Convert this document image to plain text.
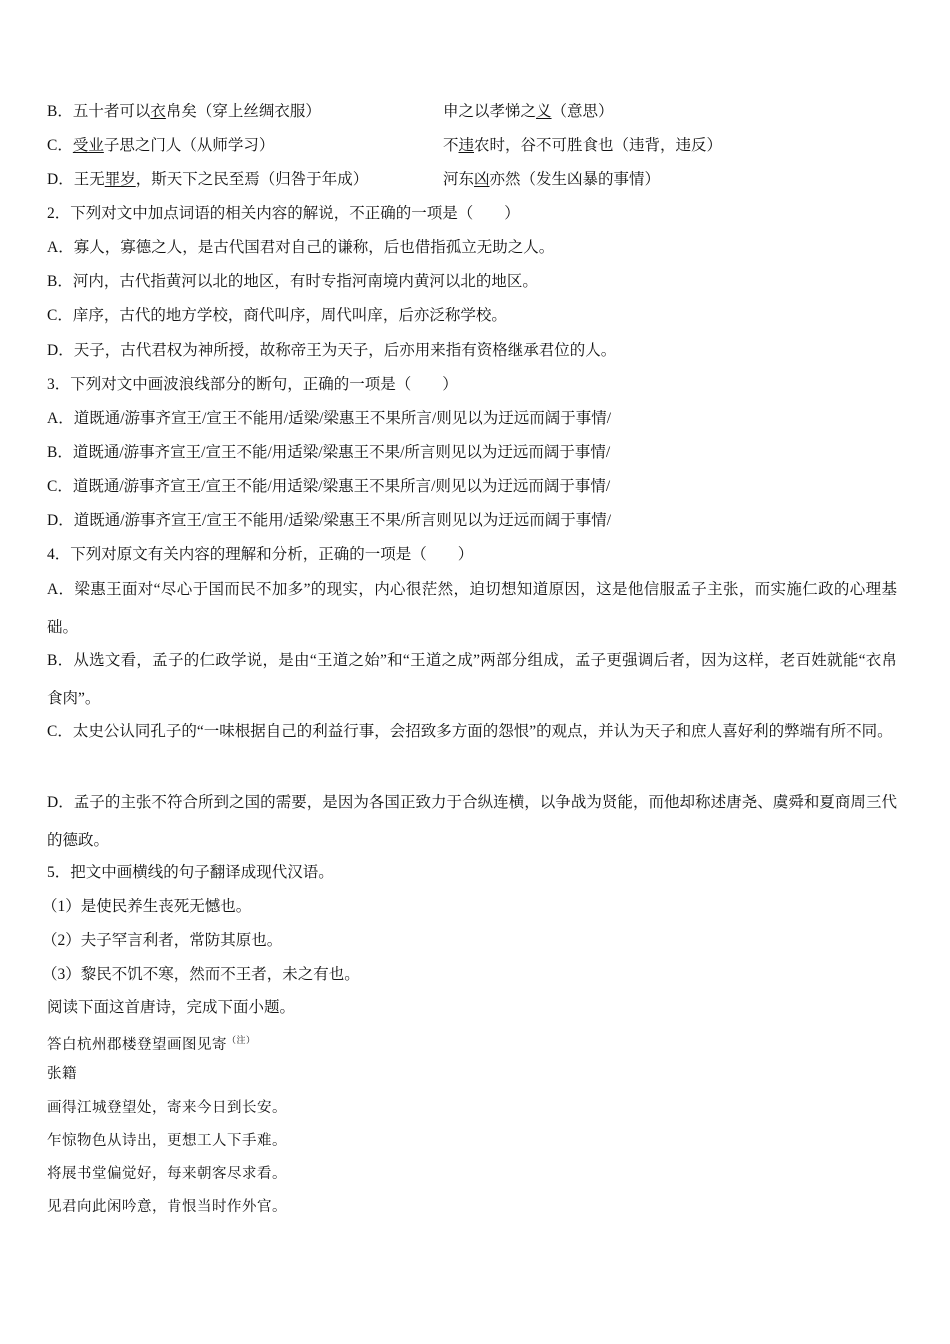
B．五十者可以衣帛矣（穿上丝绸衣服）	申之以孝悌之义（意思）
C．受业子思之门人（从师学习）	不违农时，谷不可胜食也（违背，违反）
D．王无罪岁，斯天下之民至焉（归咎于年成）	河东凶亦然（发生凶暴的事情）
2．下列对文中加点词语的相关内容的解说，不正确的一项是（　　）
A．寡人，寡德之人，是古代国君对自己的谦称，后也借指孤立无助之人。
B．河内，古代指黄河以北的地区，有时专指河南境内黄河以北的地区。
C．庠序，古代的地方学校，商代叫序，周代叫庠，后亦泛称学校。
D．天子，古代君权为神所授，故称帝王为天子，后亦用来指有资格继承君位的人。
3．下列对文中画波浪线部分的断句，正确的一项是（　　）
A．道既通/游事齐宣王/宣王不能用/适梁/梁惠王不果所言/则见以为迂远而阔于事情/
B．道既通/游事齐宣王/宣王不能/用适梁/梁惠王不果/所言则见以为迂远而阔于事情/
C．道既通/游事齐宣王/宣王不能/用适梁/梁惠王不果所言/则见以为迂远而阔于事情/
D．道既通/游事齐宣王/宣王不能用/适梁/梁惠王不果/所言则见以为迂远而阔于事情/
4．下列对原文有关内容的理解和分析，正确的一项是（　　）
A．梁惠王面对“尽心于国而民不加多”的现实，内心很茫然，迫切想知道原因，这是他信服孟子主张，而实施仁政的心理基础。
B．从选文看，孟子的仁政学说，是由“王道之始”和“王道之成”两部分组成，孟子更强调后者，因为这样，老百姓就能“衣帛食肉”。
C．太史公认同孔子的“一味根据自己的利益行事，会招致多方面的怨恨”的观点，并认为天子和庶人喜好利的弊端有所不同。
D．孟子的主张不符合所到之国的需要，是因为各国正致力于合纵连横，以争战为贤能，而他却称述唐尧、虞舜和夏商周三代的德政。
5．把文中画横线的句子翻译成现代汉语。
（1）是使民养生丧死无憾也。
（2）夫子罕言利者，常防其原也。
（3）黎民不饥不寒，然而不王者，未之有也。
阅读下面这首唐诗，完成下面小题。
答白杭州郡楼登望画图见寄$^{(注)}$
张籍
画得江城登望处，寄来今日到长安。
乍惊物色从诗出，更想工人下手难。
将展书堂偏觉好，每来朝客尽求看。
见君向此闲吟意，肯恨当时作外官。
